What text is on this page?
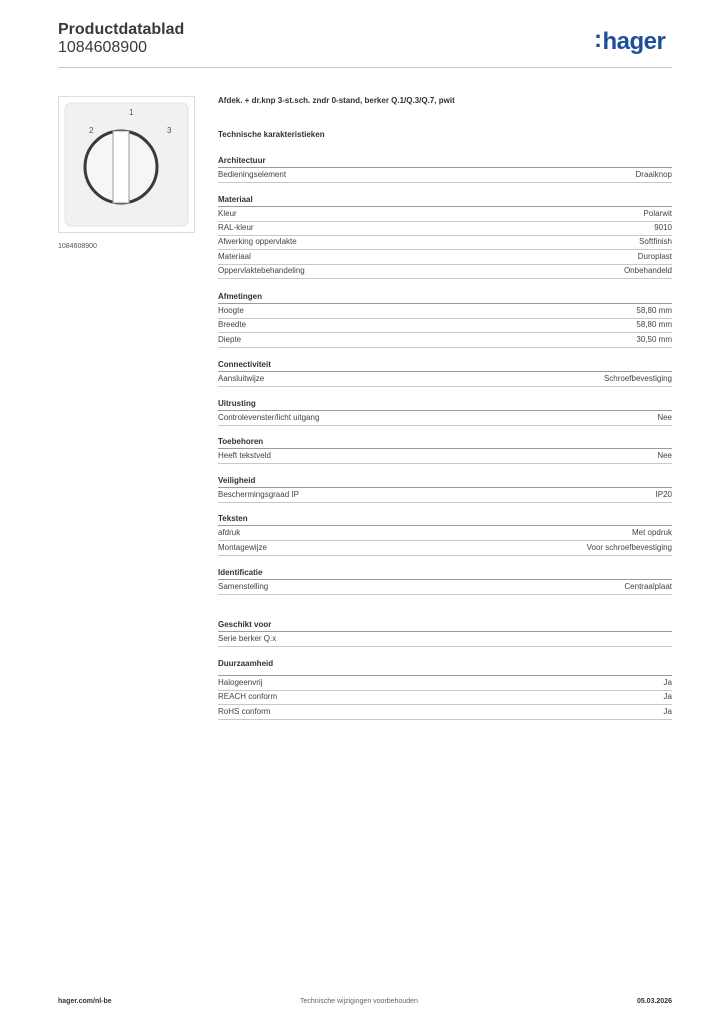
Productdatablad
1084608900	:hager
1
2	3
1084608900
Afdek. + dr.knp 3-st.sch. zndr 0-stand, berker Q.1/Q.3/Q.7, pwit
Technische karakteristieken
Architectuur
Bedieningselement	Draaiknop
Materiaal
Kleur	Polarwit
RAL-kleur	9010
Afwerking oppervlakte	Softfinish
Materiaal	Duroplast
Oppervlaktebehandeling	Onbehandeld
Afmetingen
Hoogte	58,80 mm
Breedte	58,80 mm
Diepte	30,50 mm
Connectiviteit
Aansluitwijze	Schroefbevestiging
Uitrusting
Controlevenster/licht uitgang	Nee
Toebehoren
Heeft tekstveld	Nee
Veiligheid
Beschermingsgraad IP	IP20
Teksten
afdruk	Met opdruk
Montagewijze	Voor schroefbevestiging
Identificatie
Samenstelling	Centraalplaat
Geschikt voor
Serie berker Q.x
Duurzaamheid
Halogeenvrij	Ja
REACH conform	Ja
RoHS conform	Ja
hager.com/nl-be	Technische wijzigingen voorbehouden	05.03.2026
